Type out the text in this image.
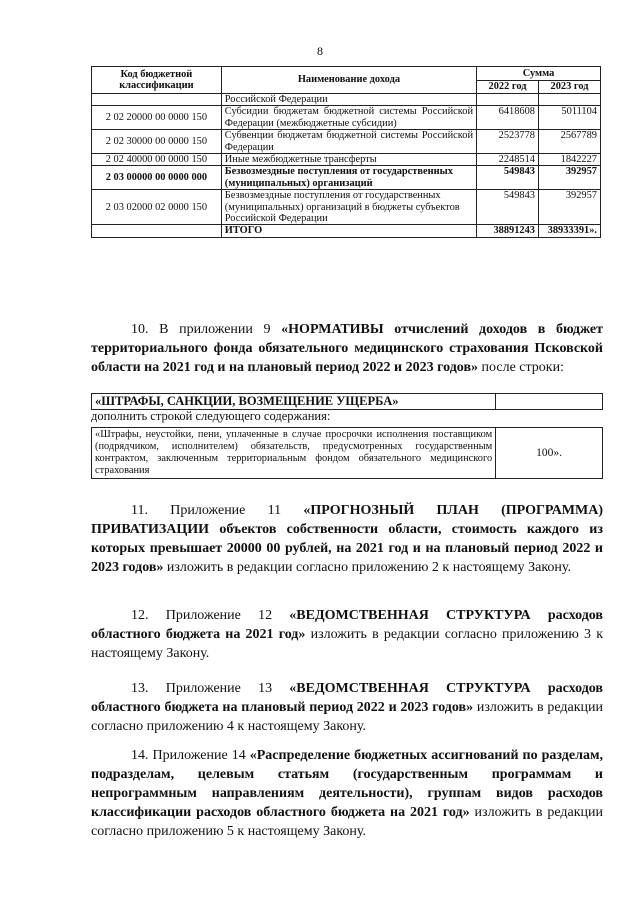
8
Код бюджетной классификации	Наименование дохода	Сумма	
		2022 год	2023 год
	Российской Федерации		
2 02 20000 00 0000 150	Субсидии бюджетам бюджетной системы Российской Федерации (межбюджетные субсидии)	6418608	5011104
2 02 30000 00 0000 150	Субвенции бюджетам бюджетной системы Российской Федерации	2523778	2567789
2 02 40000 00 0000 150	Иные межбюджетные трансферты	2248514	1842227
2 03 00000 00 0000 000	Безвозмездные поступления от государственных (муниципальных) организаций	549843	392957
2 03 02000 02 0000 150	Безвозмездные поступления от государственных (муниципальных) организаций в бюджеты субъектов Российской Федерации	549843	392957
	ИТОГО	38891243	38933391».
10. В приложении 9 «НОРМАТИВЫ отчислений доходов в бюджет территориального фонда обязательного медицинского страхования Псковской области на 2021 год и на плановый период 2022 и 2023 годов» после строки:
«ШТРАФЫ, САНКЦИИ, ВОЗМЕЩЕНИЕ УЩЕРБА»	
дополнить строкой следующего содержания:
«Штрафы, неустойки, пени, уплаченные в случае просрочки исполнения поставщиком (подрядчиком, исполнителем) обязательств, предусмотренных государственным контрактом, заключенным территориальным фондом обязательного медицинского страхования	100».
11. Приложение 11 «ПРОГНОЗНЫЙ ПЛАН (ПРОГРАММА) ПРИВАТИЗАЦИИ объектов собственности области, стоимость каждого из которых превышает 20000 00 рублей, на 2021 год и на плановый период 2022 и 2023 годов» изложить в редакции согласно приложению 2 к настоящему Закону.
12. Приложение 12 «ВЕДОМСТВЕННАЯ СТРУКТУРА расходов областного бюджета на 2021 год» изложить в редакции согласно приложению 3 к настоящему Закону.
13. Приложение 13 «ВЕДОМСТВЕННАЯ СТРУКТУРА расходов областного бюджета на плановый период 2022 и 2023 годов» изложить в редакции согласно приложению 4 к настоящему Закону.
14. Приложение 14 «Распределение бюджетных ассигнований по разделам, подразделам, целевым статьям (государственным программам и непрограммным направлениям деятельности), группам видов расходов классификации расходов областного бюджета на 2021 год» изложить в редакции согласно приложению 5 к настоящему Закону.
